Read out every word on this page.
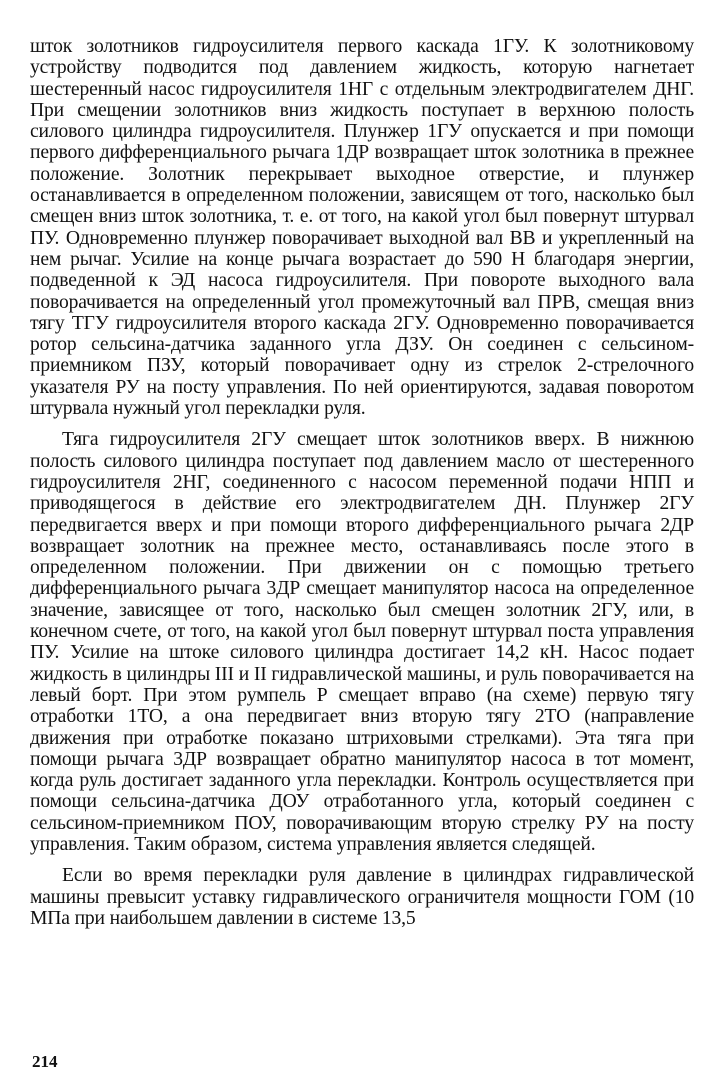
шток золотников гидроусилителя первого каскада 1ГУ. К золотниковому устройству подводится под давлением жидкость, которую нагнетает шестеренный насос гидроусилителя 1НГ с отдельным электродвигателем ДНГ. При смещении золотников вниз жидкость поступает в верхнюю полость силового цилиндра гидроусилителя. Плунжер 1ГУ опускается и при помощи первого дифференциального рычага 1ДР возвращает шток золотника в прежнее положение. Золотник перекрывает выходное отверстие, и плунжер останавливается в определенном положении, зависящем от того, насколько был смещен вниз шток золотника, т. е. от того, на какой угол был повернут штурвал ПУ. Одновременно плунжер поворачивает выходной вал ВВ и укрепленный на нем рычаг. Усилие на конце рычага возрастает до 590 Н благодаря энергии, подведенной к ЭД насоса гидроусилителя. При повороте выходного вала поворачивается на определенный угол промежуточный вал ПРВ, смещая вниз тягу ТГУ гидроусилителя второго каскада 2ГУ. Одновременно поворачивается ротор сельсина-датчика заданного угла ДЗУ. Он соединен с сельсином-приемником ПЗУ, который поворачивает одну из стрелок 2-стрелочного указателя РУ на посту управления. По ней ориентируются, задавая поворотом штурвала нужный угол перекладки руля.

Тяга гидроусилителя 2ГУ смещает шток золотников вверх. В нижнюю полость силового цилиндра поступает под давлением масло от шестеренного гидроусилителя 2НГ, соединенного с насосом переменной подачи НПП и приводящегося в действие его электродвигателем ДН. Плунжер 2ГУ передвигается вверх и при помощи второго дифференциального рычага 2ДР возвращает золотник на прежнее место, останавливаясь после этого в определенном положении. При движении он с помощью третьего дифференциального рычага 3ДР смещает манипулятор насоса на определенное значение, зависящее от того, насколько был смещен золотник 2ГУ, или, в конечном счете, от того, на какой угол был повернут штурвал поста управления ПУ. Усилие на штоке силового цилиндра достигает 14,2 кН. Насос подает жидкость в цилиндры III и II гидравлической машины, и руль поворачивается на левый борт. При этом румпель Р смещает вправо (на схеме) первую тягу отработки 1ТО, а она передвигает вниз вторую тягу 2ТО (направление движения при отработке показано штриховыми стрелками). Эта тяга при помощи рычага 3ДР возвращает обратно манипулятор насоса в тот момент, когда руль достигает заданного угла перекладки. Контроль осуществляется при помощи сельсина-датчика ДОУ отработанного угла, который соединен с сельсином-приемником ПОУ, поворачивающим вторую стрелку РУ на посту управления. Таким образом, система управления является следящей.

Если во время перекладки руля давление в цилиндрах гидравлической машины превысит уставку гидравлического ограничителя мощности ГОМ (10 МПа при наибольшем давлении в системе 13,5

214
